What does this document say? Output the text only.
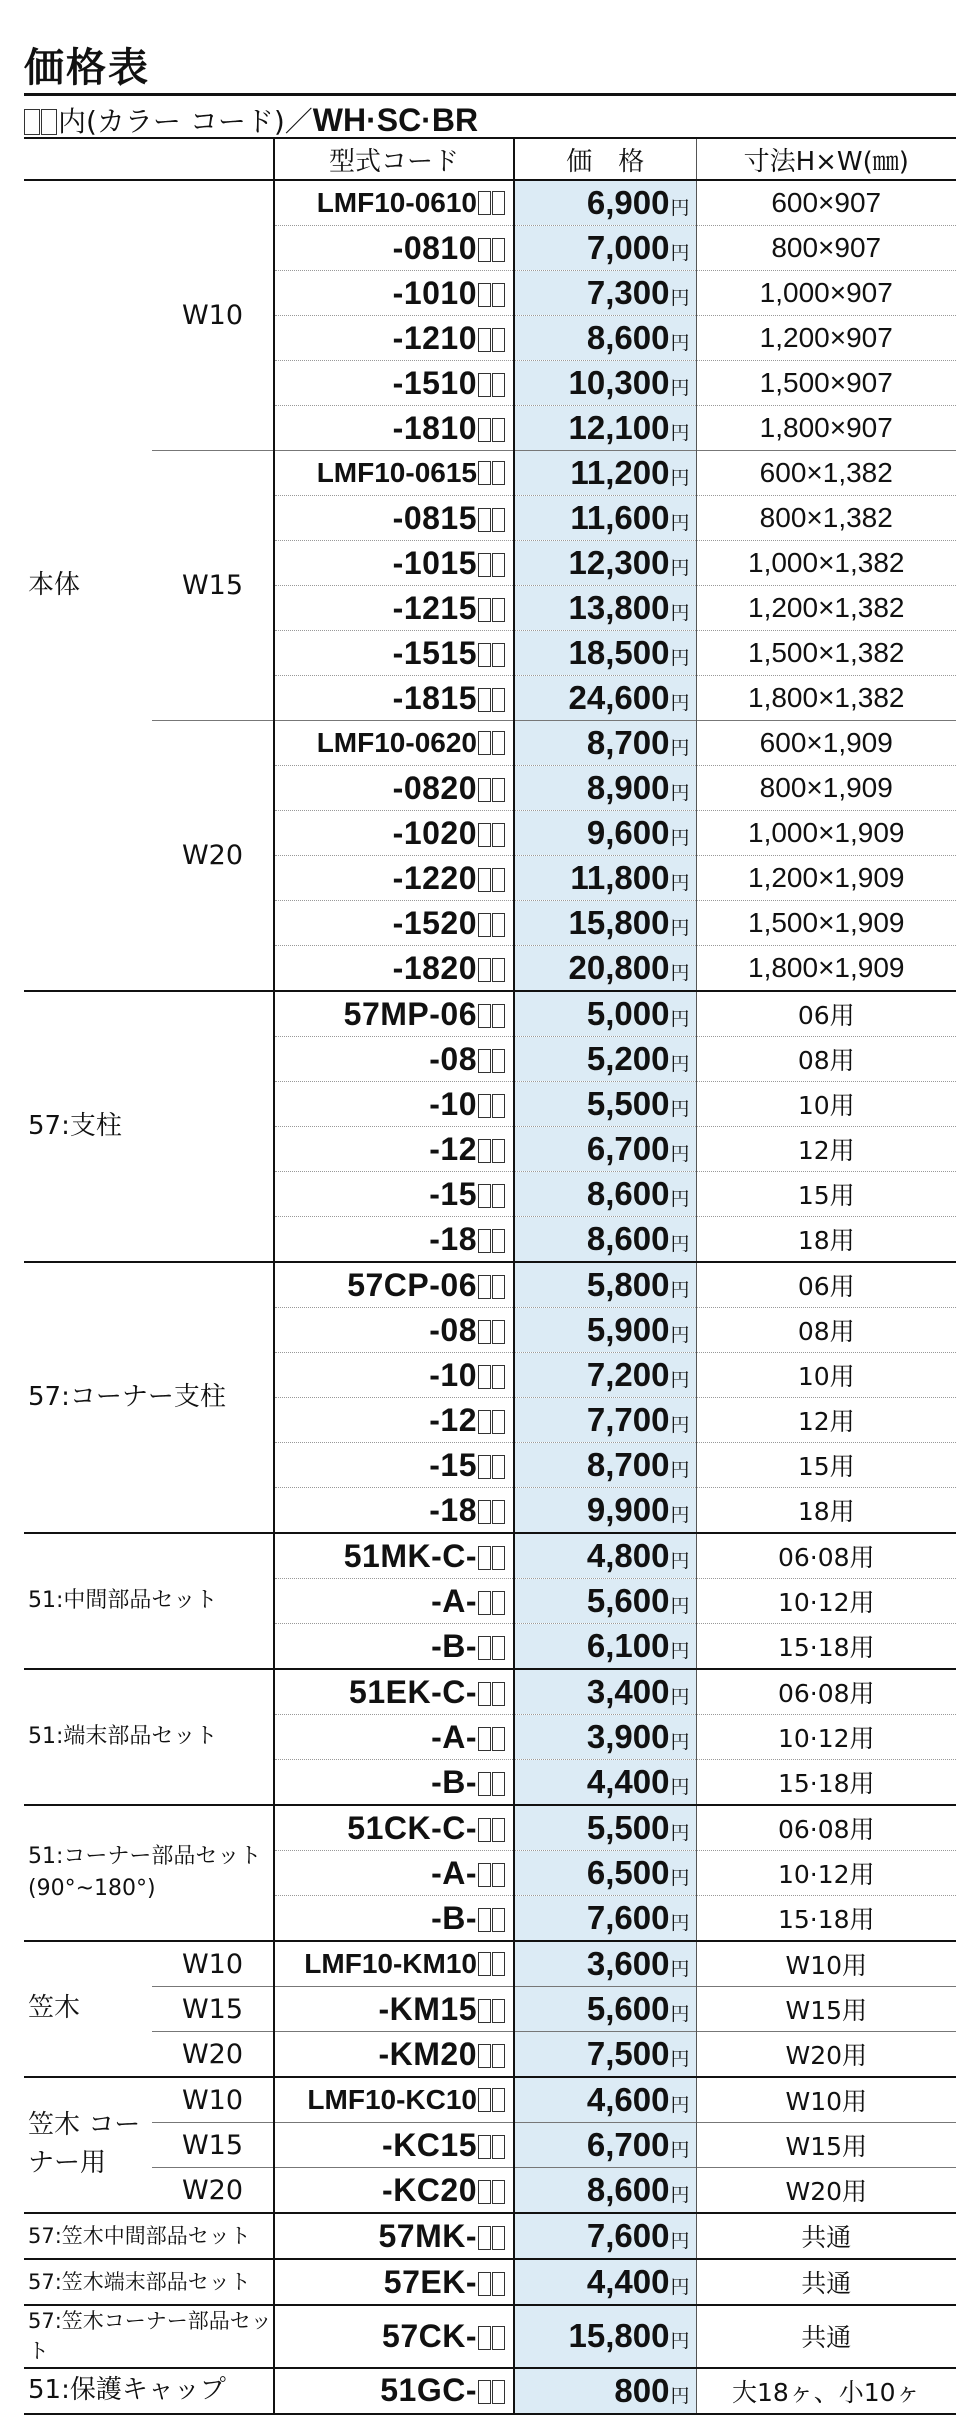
価格表
内(カラー コード)／WH·SC·BR
		型式コード	価　格	寸法H×W(㎜)
本体	W10	LMF10-0610	6,900円	600×907
		-0810	7,000円	800×907
		-1010	7,300円	1,000×907
		-1210	8,600円	1,200×907
		-1510	10,300円	1,500×907
		-1810	12,100円	1,800×907
	W15	LMF10-0615	11,200円	600×1,382
		-0815	11,600円	800×1,382
		-1015	12,300円	1,000×1,382
		-1215	13,800円	1,200×1,382
		-1515	18,500円	1,500×1,382
		-1815	24,600円	1,800×1,382
	W20	LMF10-0620	8,700円	600×1,909
		-0820	8,900円	800×1,909
		-1020	9,600円	1,000×1,909
		-1220	11,800円	1,200×1,909
		-1520	15,800円	1,500×1,909
		-1820	20,800円	1,800×1,909
57:支柱		57MP-06	5,000円	06用
		-08	5,200円	08用
		-10	5,500円	10用
		-12	6,700円	12用
		-15	8,600円	15用
		-18	8,600円	18用
57:コーナー支柱		57CP-06	5,800円	06用
		-08	5,900円	08用
		-10	7,200円	10用
		-12	7,700円	12用
		-15	8,700円	15用
		-18	9,900円	18用
51:中間部品セット		51MK-C-	4,800円	06·08用
		-A-	5,600円	10·12用
		-B-	6,100円	15·18用
51:端末部品セット		51EK-C-	3,400円	06·08用
		-A-	3,900円	10·12用
		-B-	4,400円	15·18用
51:コーナー部品セット (90°~180°)		51CK-C-	5,500円	06·08用
		-A-	6,500円	10·12用
		-B-	7,600円	15·18用
笠木	W10	LMF10-KM10	3,600円	W10用
	W15	-KM15	5,600円	W15用
	W20	-KM20	7,500円	W20用
笠木 コーナー用	W10	LMF10-KC10	4,600円	W10用
	W15	-KC15	6,700円	W15用
	W20	-KC20	8,600円	W20用
57:笠木中間部品セット		57MK-	7,600円	共通
57:笠木端末部品セット		57EK-	4,400円	共通
57:笠木コーナー部品セット		57CK-	15,800円	共通
51:保護キャップ		51GC-	800円	大18ヶ、小10ヶ
